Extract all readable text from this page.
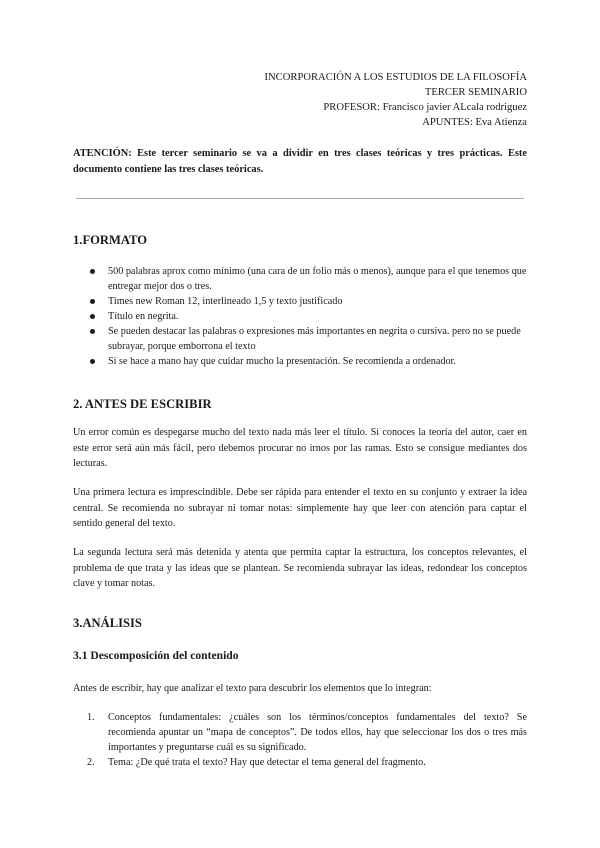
INCORPORACIÓN A LOS ESTUDIOS DE LA FILOSOFÍA
TERCER SEMINARIO
PROFESOR: Francisco javier ALcala rodriguez
APUNTES: Eva Atienza
ATENCIÓN: Este tercer seminario se va a dividir en tres clases teóricas y tres prácticas. Este documento contiene las tres clases teóricas.
1.FORMATO
500 palabras aprox como mínimo (una cara de un folio más o menos), aunque para el que tenemos que entregar mejor dos o tres.
Times new Roman 12, interlineado 1,5 y texto justificado
Título en negrita.
Se pueden destacar las palabras o expresiones más importantes en negrita o cursiva. pero no se puede subrayar, porque emborrona el texto
Si se hace a mano hay que cuidar mucho la presentación. Se recomienda a ordenador.
2. ANTES DE ESCRIBIR
Un error común es despegarse mucho del texto nada más leer el título. Si conoces la teoría del autor, caer en este error será aún más fácil, pero debemos procurar no irnos por las ramas. Esto se consigue mediantes dos lecturas.
Una primera lectura es imprescindible. Debe ser rápida para entender el texto en su conjunto y extraer la idea central. Se recomienda no subrayar ni tomar notas: simplemente hay que leer con atención para captar el sentido general del texto.
La segunda lectura será más detenida y atenta que permita captar la estructura, los conceptos relevantes, el problema de que trata y las ideas que se plantean. Se recomienda subrayar las ideas, redondear los conceptos clave y tomar notas.
3.ANÁLISIS
3.1 Descomposición del contenido
Antes de escribir, hay que analizar el texto para descubrir los elementos que lo integran:
1. Conceptos fundamentales: ¿cuáles son los términos/conceptos fundamentales del texto? Se recomienda apuntar un “mapa de conceptos”. De todos ellos, hay que seleccionar los dos o tres más importantes y preguntarse cuál es su significado.
2. Tema: ¿De qué trata el texto? Hay que detectar el tema general del fragmento.
